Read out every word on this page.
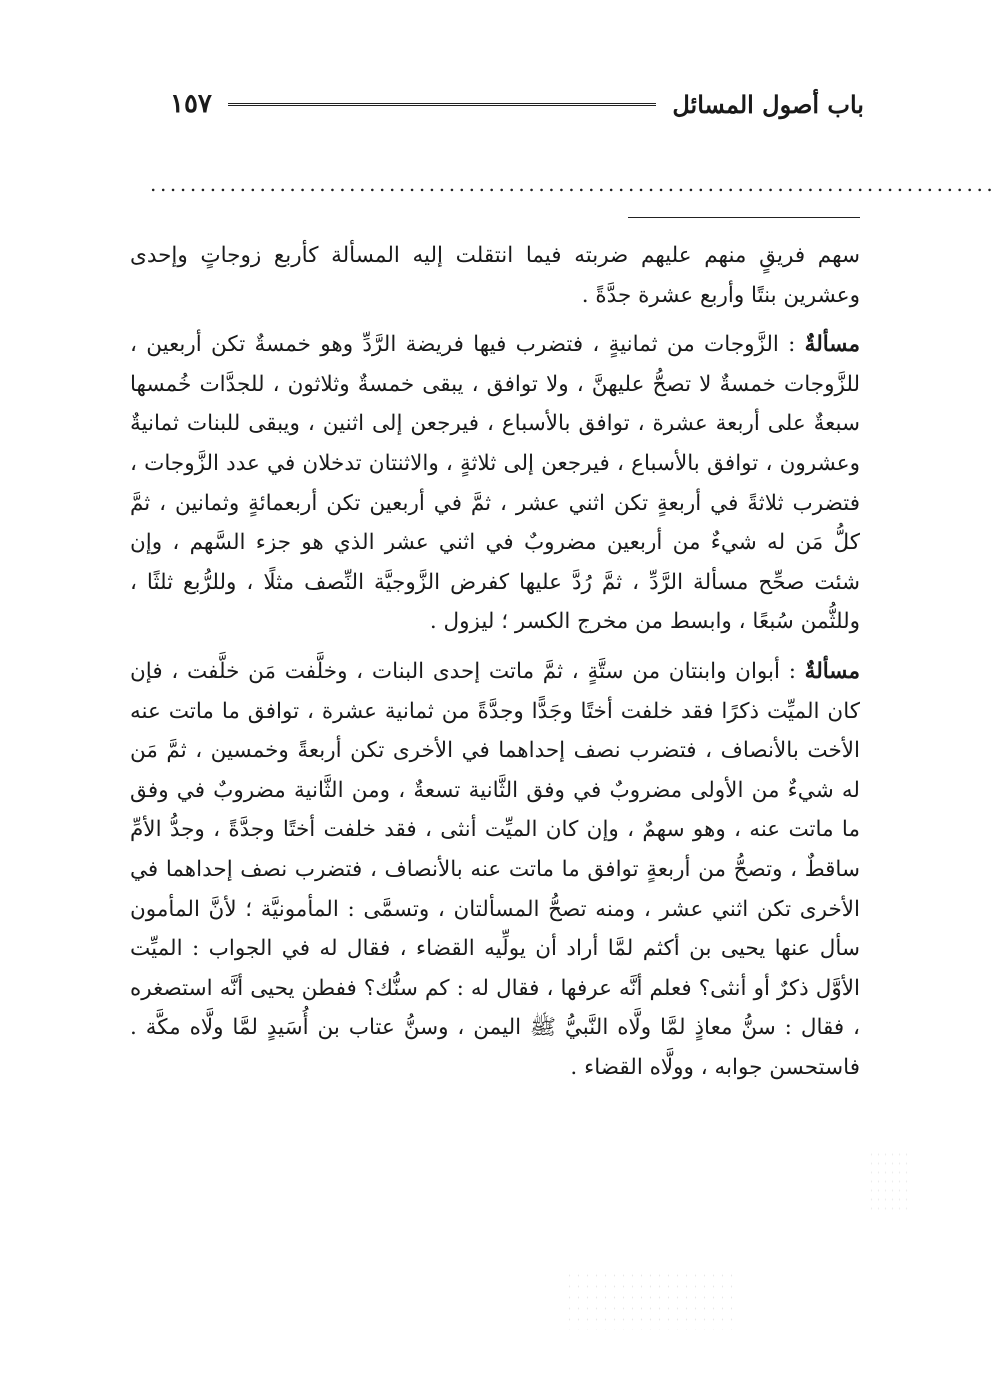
باب أصول المسائل
١٥٧
.....................................................................................

سهم فريقٍ منهم عليهم ضربته فيما انتقلت إليه المسألة كأربع زوجاتٍ وإحدى وعشرين بنتًا وأربع عشرة جدَّةً .

مسألةٌ : الزَّوجات من ثمانيةٍ ، فتضرب فيها فريضة الرَّدِّ وهو خمسةٌ تكن أربعين ، للزَّوجات خمسةٌ لا تصحُّ عليهنَّ ، ولا توافق ، يبقى خمسةٌ وثلاثون ، للجدَّات خُمسها سبعةٌ على أربعة عشرة ، توافق بالأسباع ، فيرجعن إلى اثنين ، ويبقى للبنات ثمانيةٌ وعشرون ، توافق بالأسباع ، فيرجعن إلى ثلاثةٍ ، والاثنتان تدخلان في عدد الزَّوجات ، فتضرب ثلاثةً في أربعةٍ تكن اثني عشر ، ثمَّ في أربعين تكن أربعمائةٍ وثمانين ، ثمَّ كلُّ مَن له شيءٌ من أربعين مضروبٌ في اثني عشر الذي هو جزء السَّهم ، وإن شئت صحِّح مسألة الرَّدِّ ، ثمَّ رُدَّ عليها كفرض الزَّوجيَّة النِّصف مثلًا ، وللرُّبع ثلثًا ، وللثُّمن سُبعًا ، وابسط من مخرج الكسر ؛ ليزول .

مسألةٌ : أبوان وابنتان من ستَّةٍ ، ثمَّ ماتت إحدى البنات ، وخلَّفت مَن خلَّفت ، فإن كان الميِّت ذكرًا فقد خلفت أختًا وجَدًّا وجدَّةً من ثمانية عشرة ، توافق ما ماتت عنه الأخت بالأنصاف ، فتضرب نصف إحداهما في الأخرى تكن أربعةً وخمسين ، ثمَّ مَن له شيءٌ من الأولى مضروبٌ في وفق الثَّانية تسعةٌ ، ومن الثَّانية مضروبٌ في وفق ما ماتت عنه ، وهو سهمٌ ، وإن كان الميِّت أنثى ، فقد خلفت أختًا وجدَّةً ، وجدُّ الأمِّ ساقطٌ ، وتصحُّ من أربعةٍ توافق ما ماتت عنه بالأنصاف ، فتضرب نصف إحداهما في الأخرى تكن اثني عشر ، ومنه تصحُّ المسألتان ، وتسمَّى : المأمونيَّة ؛ لأنَّ المأمون سأل عنها يحيى بن أكثم لمَّا أراد أن يولِّيه القضاء ، فقال له في الجواب : الميِّت الأوَّل ذكرٌ أو أنثى؟ فعلم أنَّه عرفها ، فقال له : كم سنُّك؟ ففطن يحيى أنَّه استصغره ، فقال : سنُّ معاذٍ لمَّا ولَّاه النَّبيُّ ﷺ اليمن ، وسنُّ عتاب بن أُسَيدٍ لمَّا ولَّاه مكَّة . فاستحسن جوابه ، وولَّاه القضاء .
